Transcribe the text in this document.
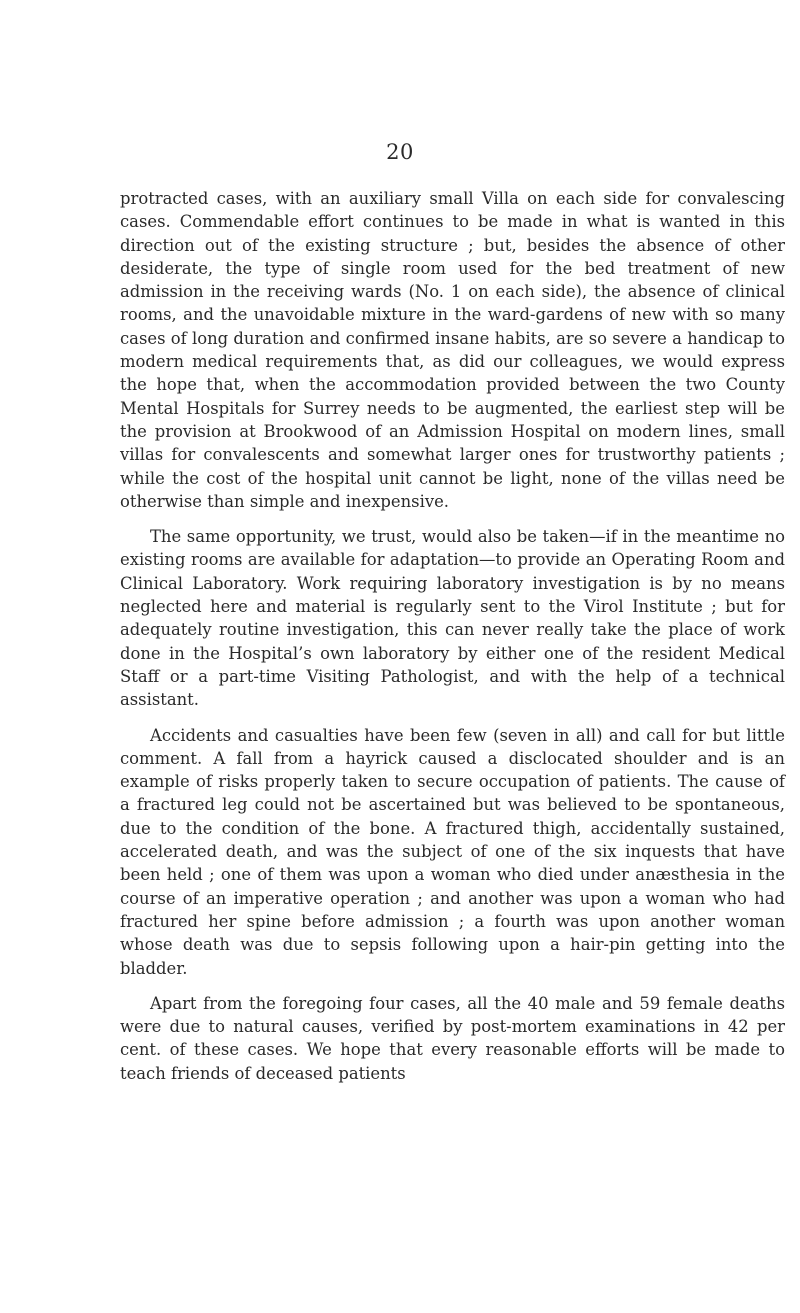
20

protracted cases, with an auxiliary small Villa on each side for convalescing cases. Commendable effort continues to be made in what is wanted in this direction out of the existing structure ; but, besides the absence of other desiderate, the type of single room used for the bed treatment of new admission in the receiving wards (No. 1 on each side), the absence of clinical rooms, and the unavoidable mixture in the ward-gardens of new with so many cases of long duration and confirmed insane habits, are so severe a handicap to modern medical requirements that, as did our colleagues, we would express the hope that, when the accommodation provided between the two County Mental Hospitals for Surrey needs to be augmented, the earliest step will be the provision at Brookwood of an Admission Hospital on modern lines, small villas for convalescents and somewhat larger ones for trustworthy patients ; while the cost of the hospital unit cannot be light, none of the villas need be otherwise than simple and inexpensive.

The same opportunity, we trust, would also be taken—if in the meantime no existing rooms are available for adaptation—to provide an Operating Room and Clinical Laboratory. Work requiring laboratory investigation is by no means neglected here and material is regularly sent to the Virol Institute ; but for adequately routine investigation, this can never really take the place of work done in the Hospital’s own laboratory by either one of the resident Medical Staff or a part-time Visiting Pathologist, and with the help of a technical assistant.

Accidents and casualties have been few (seven in all) and call for but little comment. A fall from a hayrick caused a disclocated shoulder and is an example of risks properly taken to secure occupation of patients. The cause of a fractured leg could not be ascertained but was believed to be spontaneous, due to the condition of the bone. A fractured thigh, accidentally sustained, accelerated death, and was the subject of one of the six inquests that have been held ; one of them was upon a woman who died under anæsthesia in the course of an imperative operation ; and another was upon a woman who had fractured her spine before admission ; a fourth was upon another woman whose death was due to sepsis following upon a hair-pin getting into the bladder.

Apart from the foregoing four cases, all the 40 male and 59 female deaths were due to natural causes, verified by post-mortem examinations in 42 per cent. of these cases. We hope that every reasonable efforts will be made to teach friends of deceased patients
